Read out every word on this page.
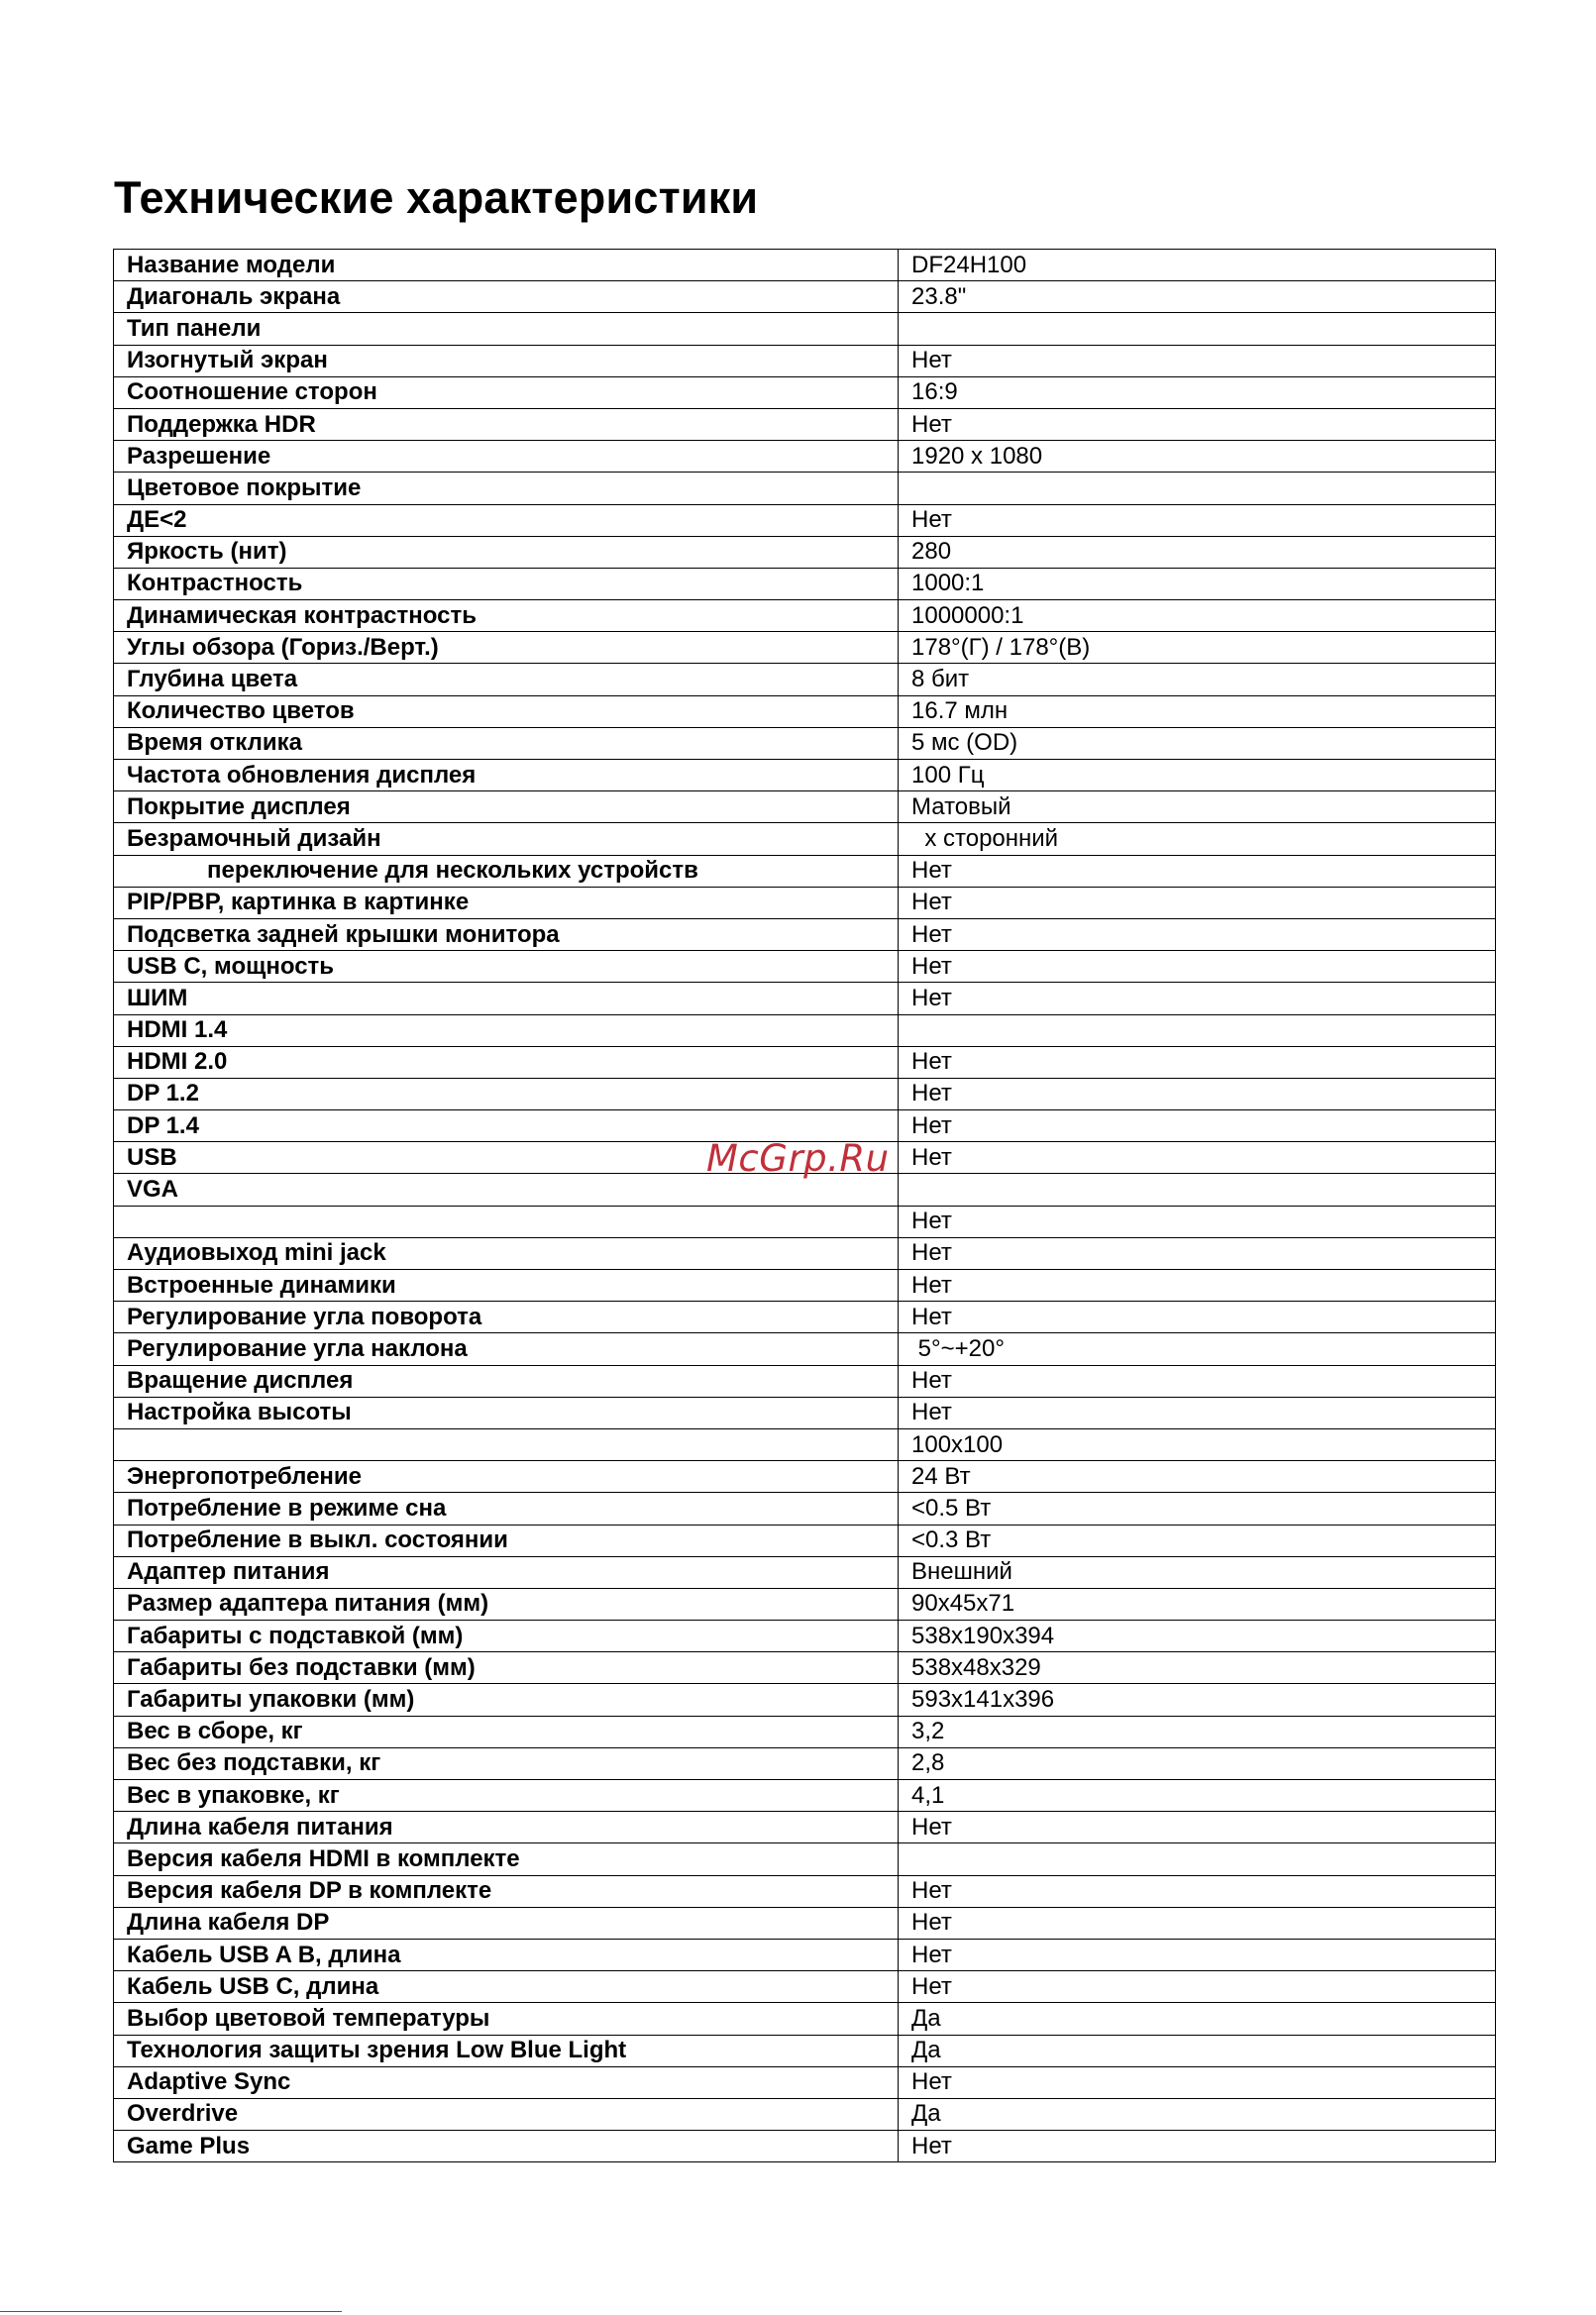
Технические характеристики
Название модели	DF24H100
Диагональ экрана	23.8"
Тип панели	
Изогнутый экран	Нет
Соотношение сторон	16:9
Поддержка HDR	Нет
Разрешение	1920 x 1080
Цветовое покрытие	
ДЕ<2	Нет
Яркость (нит)	280
Контрастность	1000:1
Динамическая контрастность	1000000:1
Углы обзора (Гориз./Верт.)	178°(Г) / 178°(В)
Глубина цвета	8 бит
Количество цветов	16.7 млн
Время отклика	5 мс (OD)
Частота обновления дисплея	100 Гц
Покрытие дисплея	Матовый
Безрамочный дизайн	х сторонний
переключение для нескольких устройств	Нет
PIP/PBP, картинка в картинке	Нет
Подсветка задней крышки монитора	Нет
USB C, мощность	Нет
ШИМ	Нет
HDMI 1.4	
HDMI 2.0	Нет
DP 1.2	Нет
DP 1.4	Нет
USB	Нет
VGA	
	Нет
Аудиовыход mini jack	Нет
Встроенные динамики	Нет
Регулирование угла поворота	Нет
Регулирование угла наклона	5°~+20°
Вращение дисплея	Нет
Настройка высоты	Нет
	100x100
Энергопотребление	24 Вт
Потребление в режиме сна	<0.5 Вт
Потребление в выкл. состоянии	<0.3 Вт
Адаптер питания	Внешний
Размер адаптера питания (мм)	90x45x71
Габариты с подставкой (мм)	538x190x394
Габариты без подставки (мм)	538x48x329
Габариты упаковки (мм)	593x141x396
Вес в сборе, кг	3,2
Вес без подставки, кг	2,8
Вес в упаковке, кг	4,1
Длина кабеля питания	Нет
Версия кабеля HDMI в комплекте	
Версия кабеля DP в комплекте	Нет
Длина кабеля DP	Нет
Кабель USB A B, длина	Нет
Кабель USB C, длина	Нет
Выбор цветовой температуры	Да
Технология защиты зрения Low Blue Light	Да
Adaptive Sync	Нет
Overdrive	Да
Game Plus	Нет
McGrp.Ru
